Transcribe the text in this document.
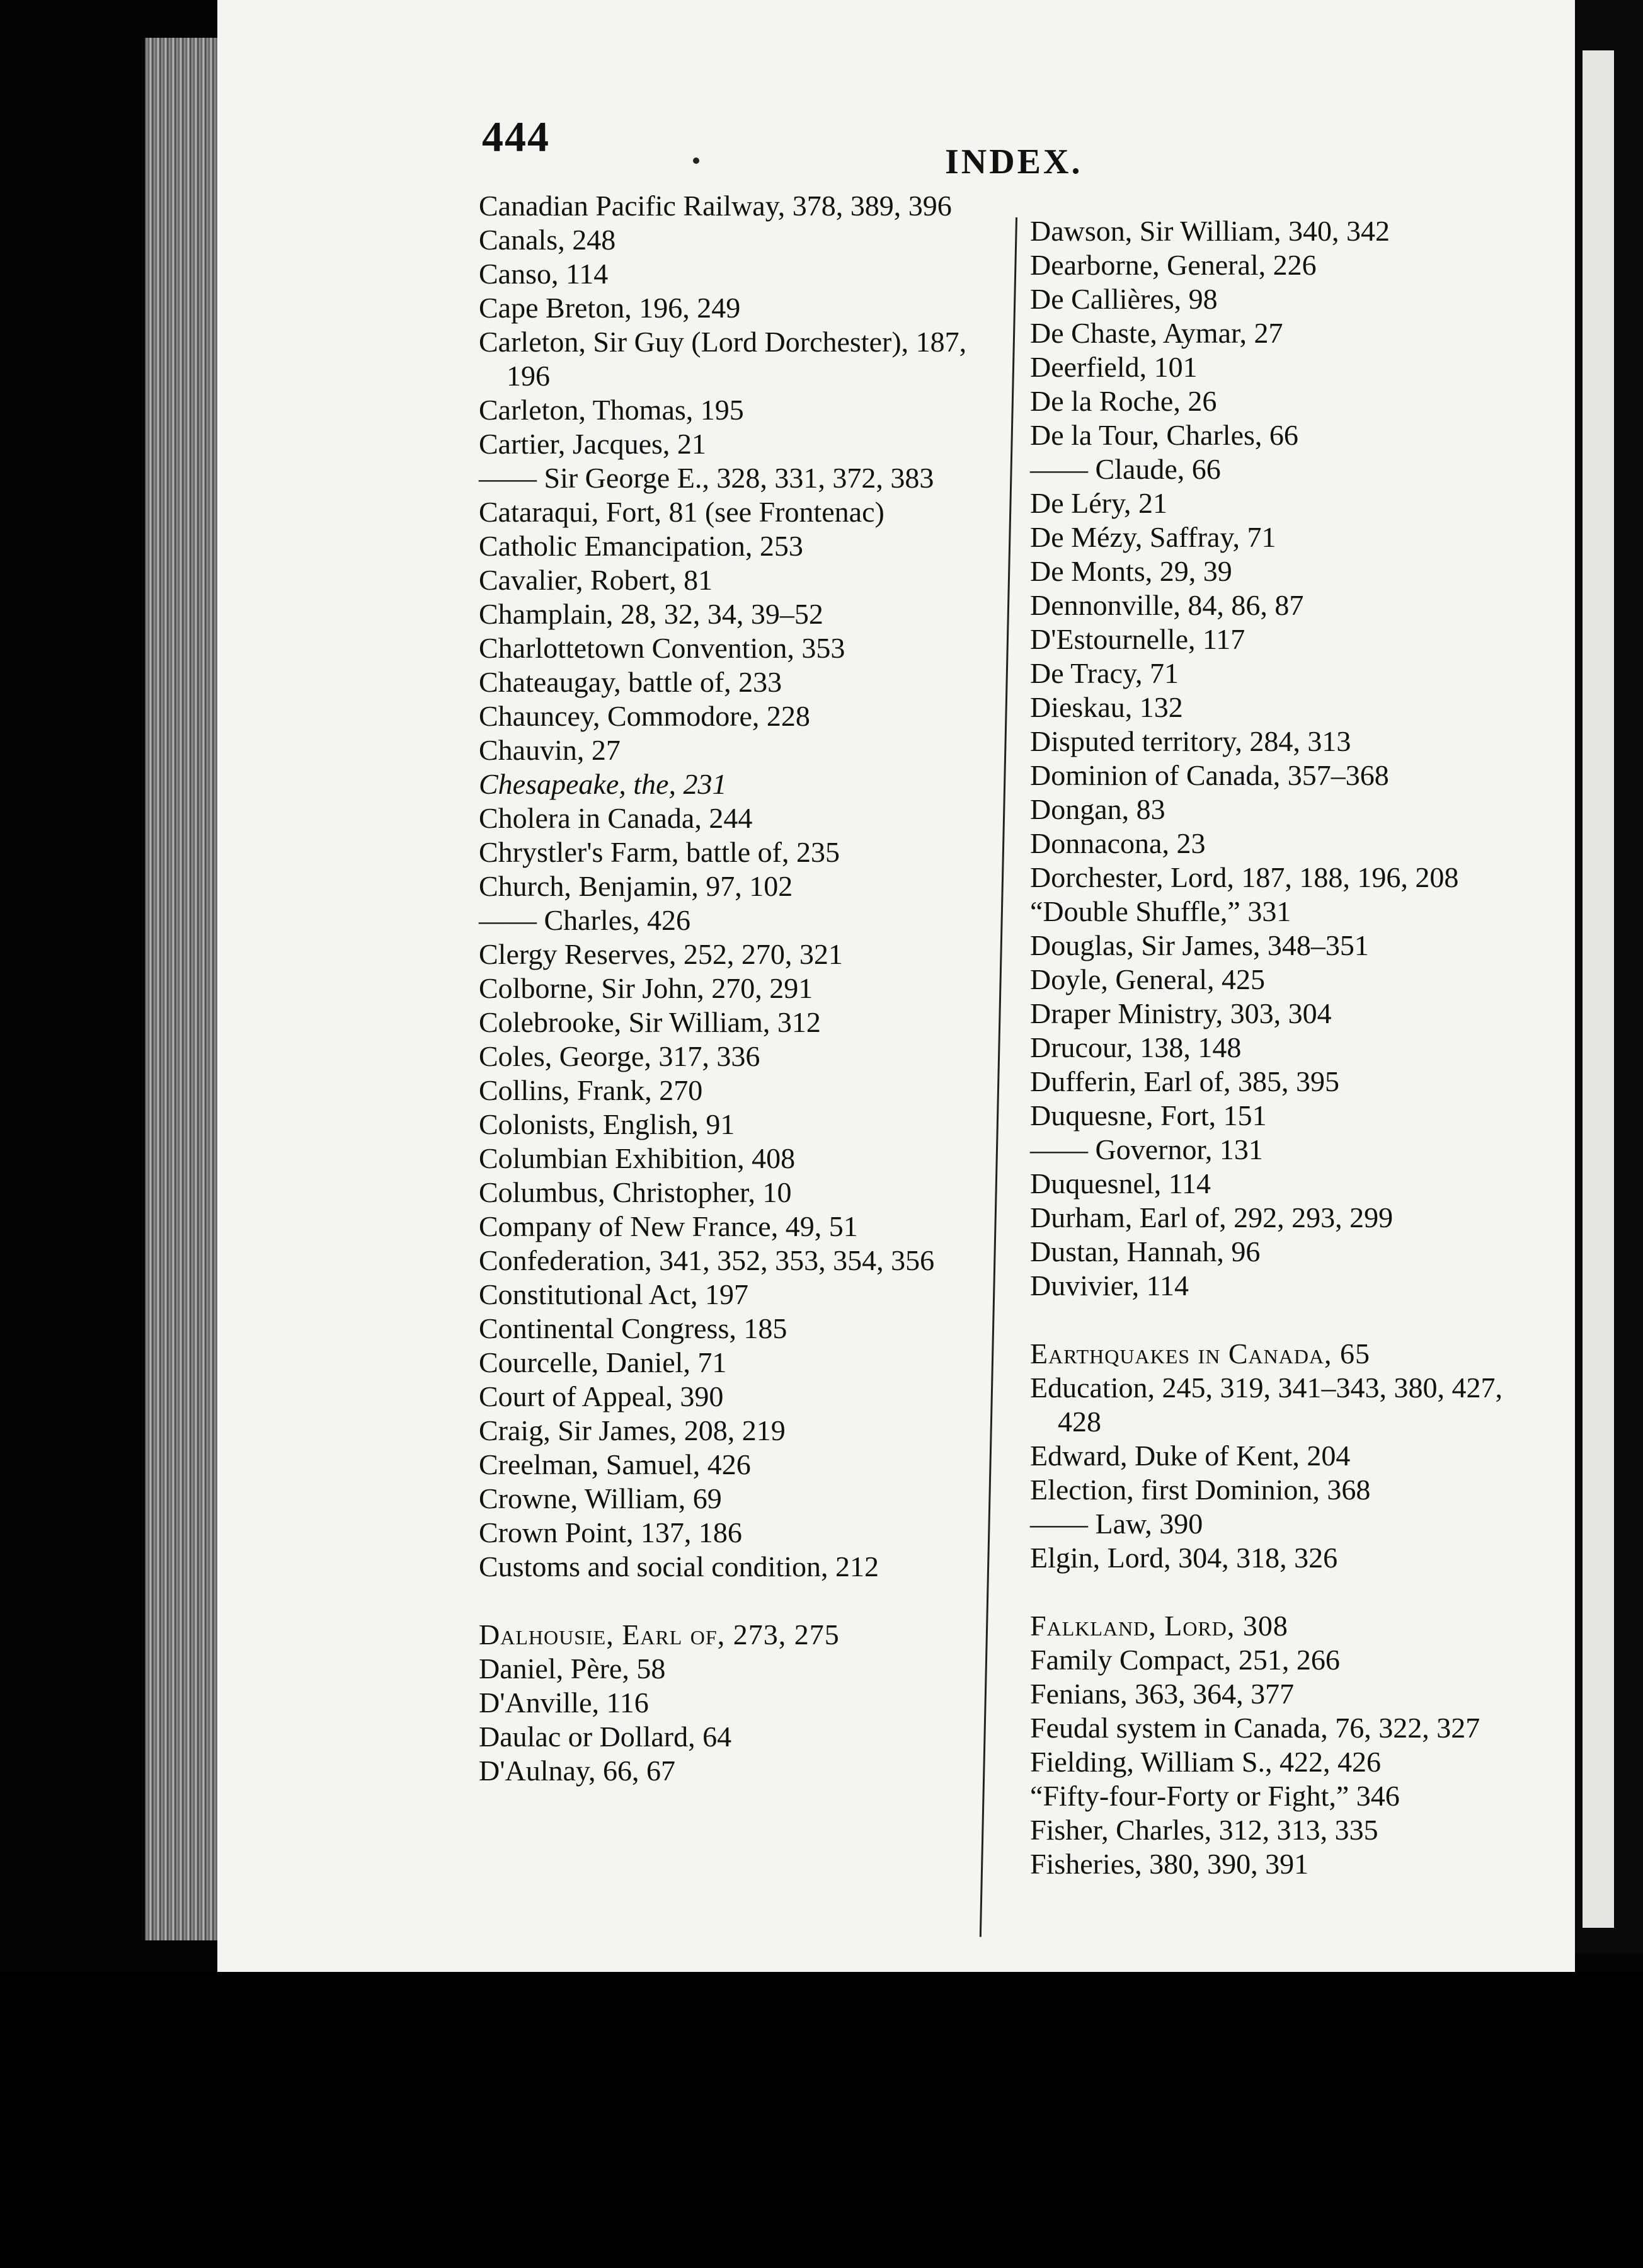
444
INDEX.
Canadian Pacific Railway, 378, 389, 396
Canals, 248
Canso, 114
Cape Breton, 196, 249
Carleton, Sir Guy (Lord Dorchester), 187, 196
Carleton, Thomas, 195
Cartier, Jacques, 21
—— Sir George E., 328, 331, 372, 383
Cataraqui, Fort, 81 (see Frontenac)
Catholic Emancipation, 253
Cavalier, Robert, 81
Champlain, 28, 32, 34, 39–52
Charlottetown Convention, 353
Chateaugay, battle of, 233
Chauncey, Commodore, 228
Chauvin, 27
Chesapeake, the, 231
Cholera in Canada, 244
Chrystler's Farm, battle of, 235
Church, Benjamin, 97, 102
—— Charles, 426
Clergy Reserves, 252, 270, 321
Colborne, Sir John, 270, 291
Colebrooke, Sir William, 312
Coles, George, 317, 336
Collins, Frank, 270
Colonists, English, 91
Columbian Exhibition, 408
Columbus, Christopher, 10
Company of New France, 49, 51
Confederation, 341, 352, 353, 354, 356
Constitutional Act, 197
Continental Congress, 185
Courcelle, Daniel, 71
Court of Appeal, 390
Craig, Sir James, 208, 219
Creelman, Samuel, 426
Crowne, William, 69
Crown Point, 137, 186
Customs and social condition, 212
Dalhousie, Earl of, 273, 275
Daniel, Père, 58
D'Anville, 116
Daulac or Dollard, 64
D'Aulnay, 66, 67
Dawson, Sir William, 340, 342
Dearborne, General, 226
De Callières, 98
De Chaste, Aymar, 27
Deerfield, 101
De la Roche, 26
De la Tour, Charles, 66
—— Claude, 66
De Léry, 21
De Mézy, Saffray, 71
De Monts, 29, 39
Dennonville, 84, 86, 87
D'Estournelle, 117
De Tracy, 71
Dieskau, 132
Disputed territory, 284, 313
Dominion of Canada, 357–368
Dongan, 83
Donnacona, 23
Dorchester, Lord, 187, 188, 196, 208
“Double Shuffle,” 331
Douglas, Sir James, 348–351
Doyle, General, 425
Draper Ministry, 303, 304
Drucour, 138, 148
Dufferin, Earl of, 385, 395
Duquesne, Fort, 151
—— Governor, 131
Duquesnel, 114
Durham, Earl of, 292, 293, 299
Dustan, Hannah, 96
Duvivier, 114
Earthquakes in Canada, 65
Education, 245, 319, 341–343, 380, 427, 428
Edward, Duke of Kent, 204
Election, first Dominion, 368
—— Law, 390
Elgin, Lord, 304, 318, 326
Falkland, Lord, 308
Family Compact, 251, 266
Fenians, 363, 364, 377
Feudal system in Canada, 76, 322, 327
Fielding, William S., 422, 426
“Fifty-four-Forty or Fight,” 346
Fisher, Charles, 312, 313, 335
Fisheries, 380, 390, 391
